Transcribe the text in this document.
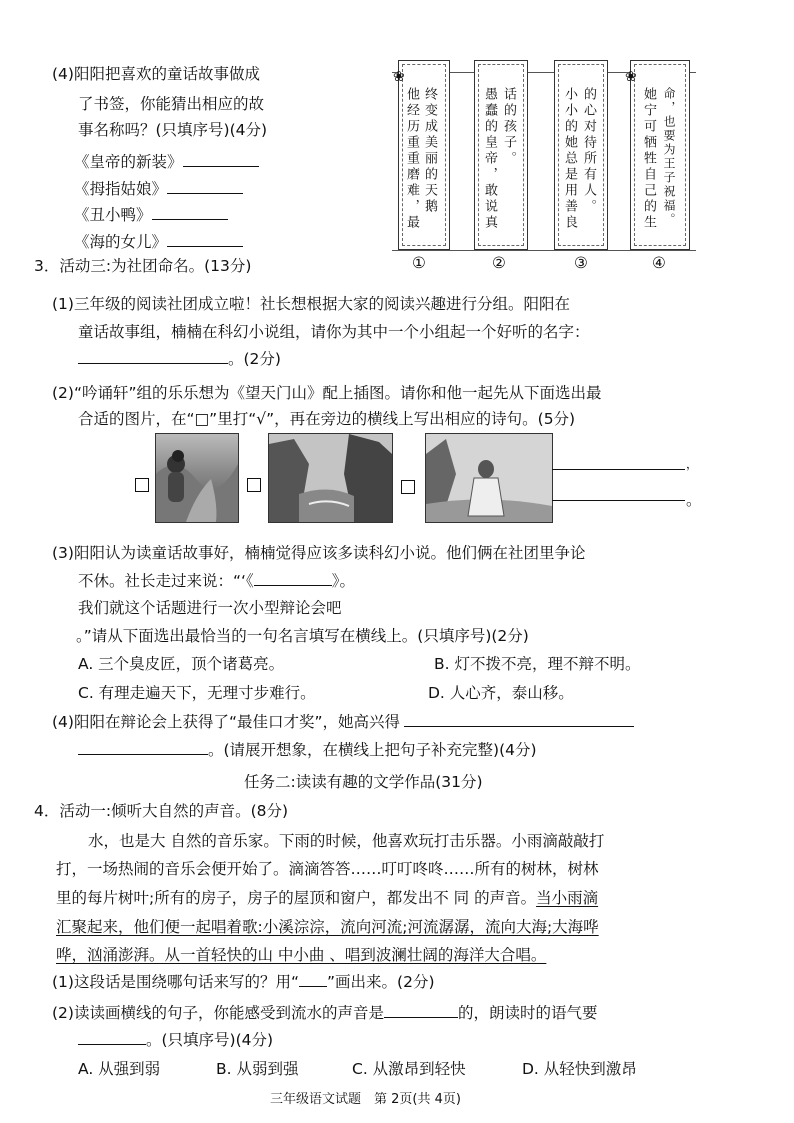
(4)阳阳把喜欢的童话故事做成
了书签，你能猜出相应的故
事名称吗？(只填序号)(4分)
《皇帝的新装》
《拇指姑娘》
《丑小鸭》
《海的女儿》
终变成美丽的天鹅
他经历重重磨难，最
❀
话的孩子。
愚蠢的皇帝，敢说真	的心对待所有人。
小小的她总是用善良	命，也要为王子祝福。
她宁可牺牲自己的生
❀
①	②	③	④
3．活动三:为社团命名。(13分)
(1)三年级的阅读社团成立啦！社长想根据大家的阅读兴趣进行分组。阳阳在
童话故事组，楠楠在科幻小说组，请你为其中一个小组起一个好听的名字：
。(2分)
(2)“吟诵轩”组的乐乐想为《望天门山》配上插图。请你和他一起先从下面选出最
合适的图片，在“□”里打“√”，再在旁边的横线上写出相应的诗句。(5分)
，
。
(3)阳阳认为读童话故事好，楠楠觉得应该多读科幻小说。他们俩在社团里争论
不休。社长走过来说：“‘《	》。
我们就这个话题进行一次小型辩论会吧
。”请从下面选出最恰当的一句名言填写在横线上。(只填序号)(2分)
A. 三个臭皮匠，顶个诸葛亮。	B. 灯不拨不亮，理不辩不明。
C. 有理走遍天下，无理寸步难行。	D. 人心齐，泰山移。
(4)阳阳在辩论会上获得了“最佳口才奖”，她高兴得
。(请展开想象，在横线上把句子补充完整)(4分)
任务二:读读有趣的文学作品(31分)
4．活动一:倾听大自然的声音。(8分)
水，也是大 自然的音乐家。下雨的时候，他喜欢玩打击乐器。小雨滴敲敲打
打，一场热闹的音乐会便开始了。滴滴答答……叮叮咚咚……所有的树林，树林
里的每片树叶;所有的房子，房子的屋顶和窗户，都发出不 同 的声音。当小雨滴
汇聚起来，他们便一起唱着歌:小溪淙淙，流向河流;河流潺潺，流向大海;大海哗
哗，汹涌澎湃。从一首轻快的山 中小曲 、唱到波澜壮阔的海洋大合唱。
(1)这段话是围绕哪句话来写的？用“ ”画出来。(2分)
(2)读读画横线的句子，你能感受到流水的声音是	的，朗读时的语气要
。(只填序号)(4分)
A. 从强到弱	B. 从弱到强	C. 从激昂到轻快	D. 从轻快到激昂
三年级语文试题　第 2页(共 4页)
